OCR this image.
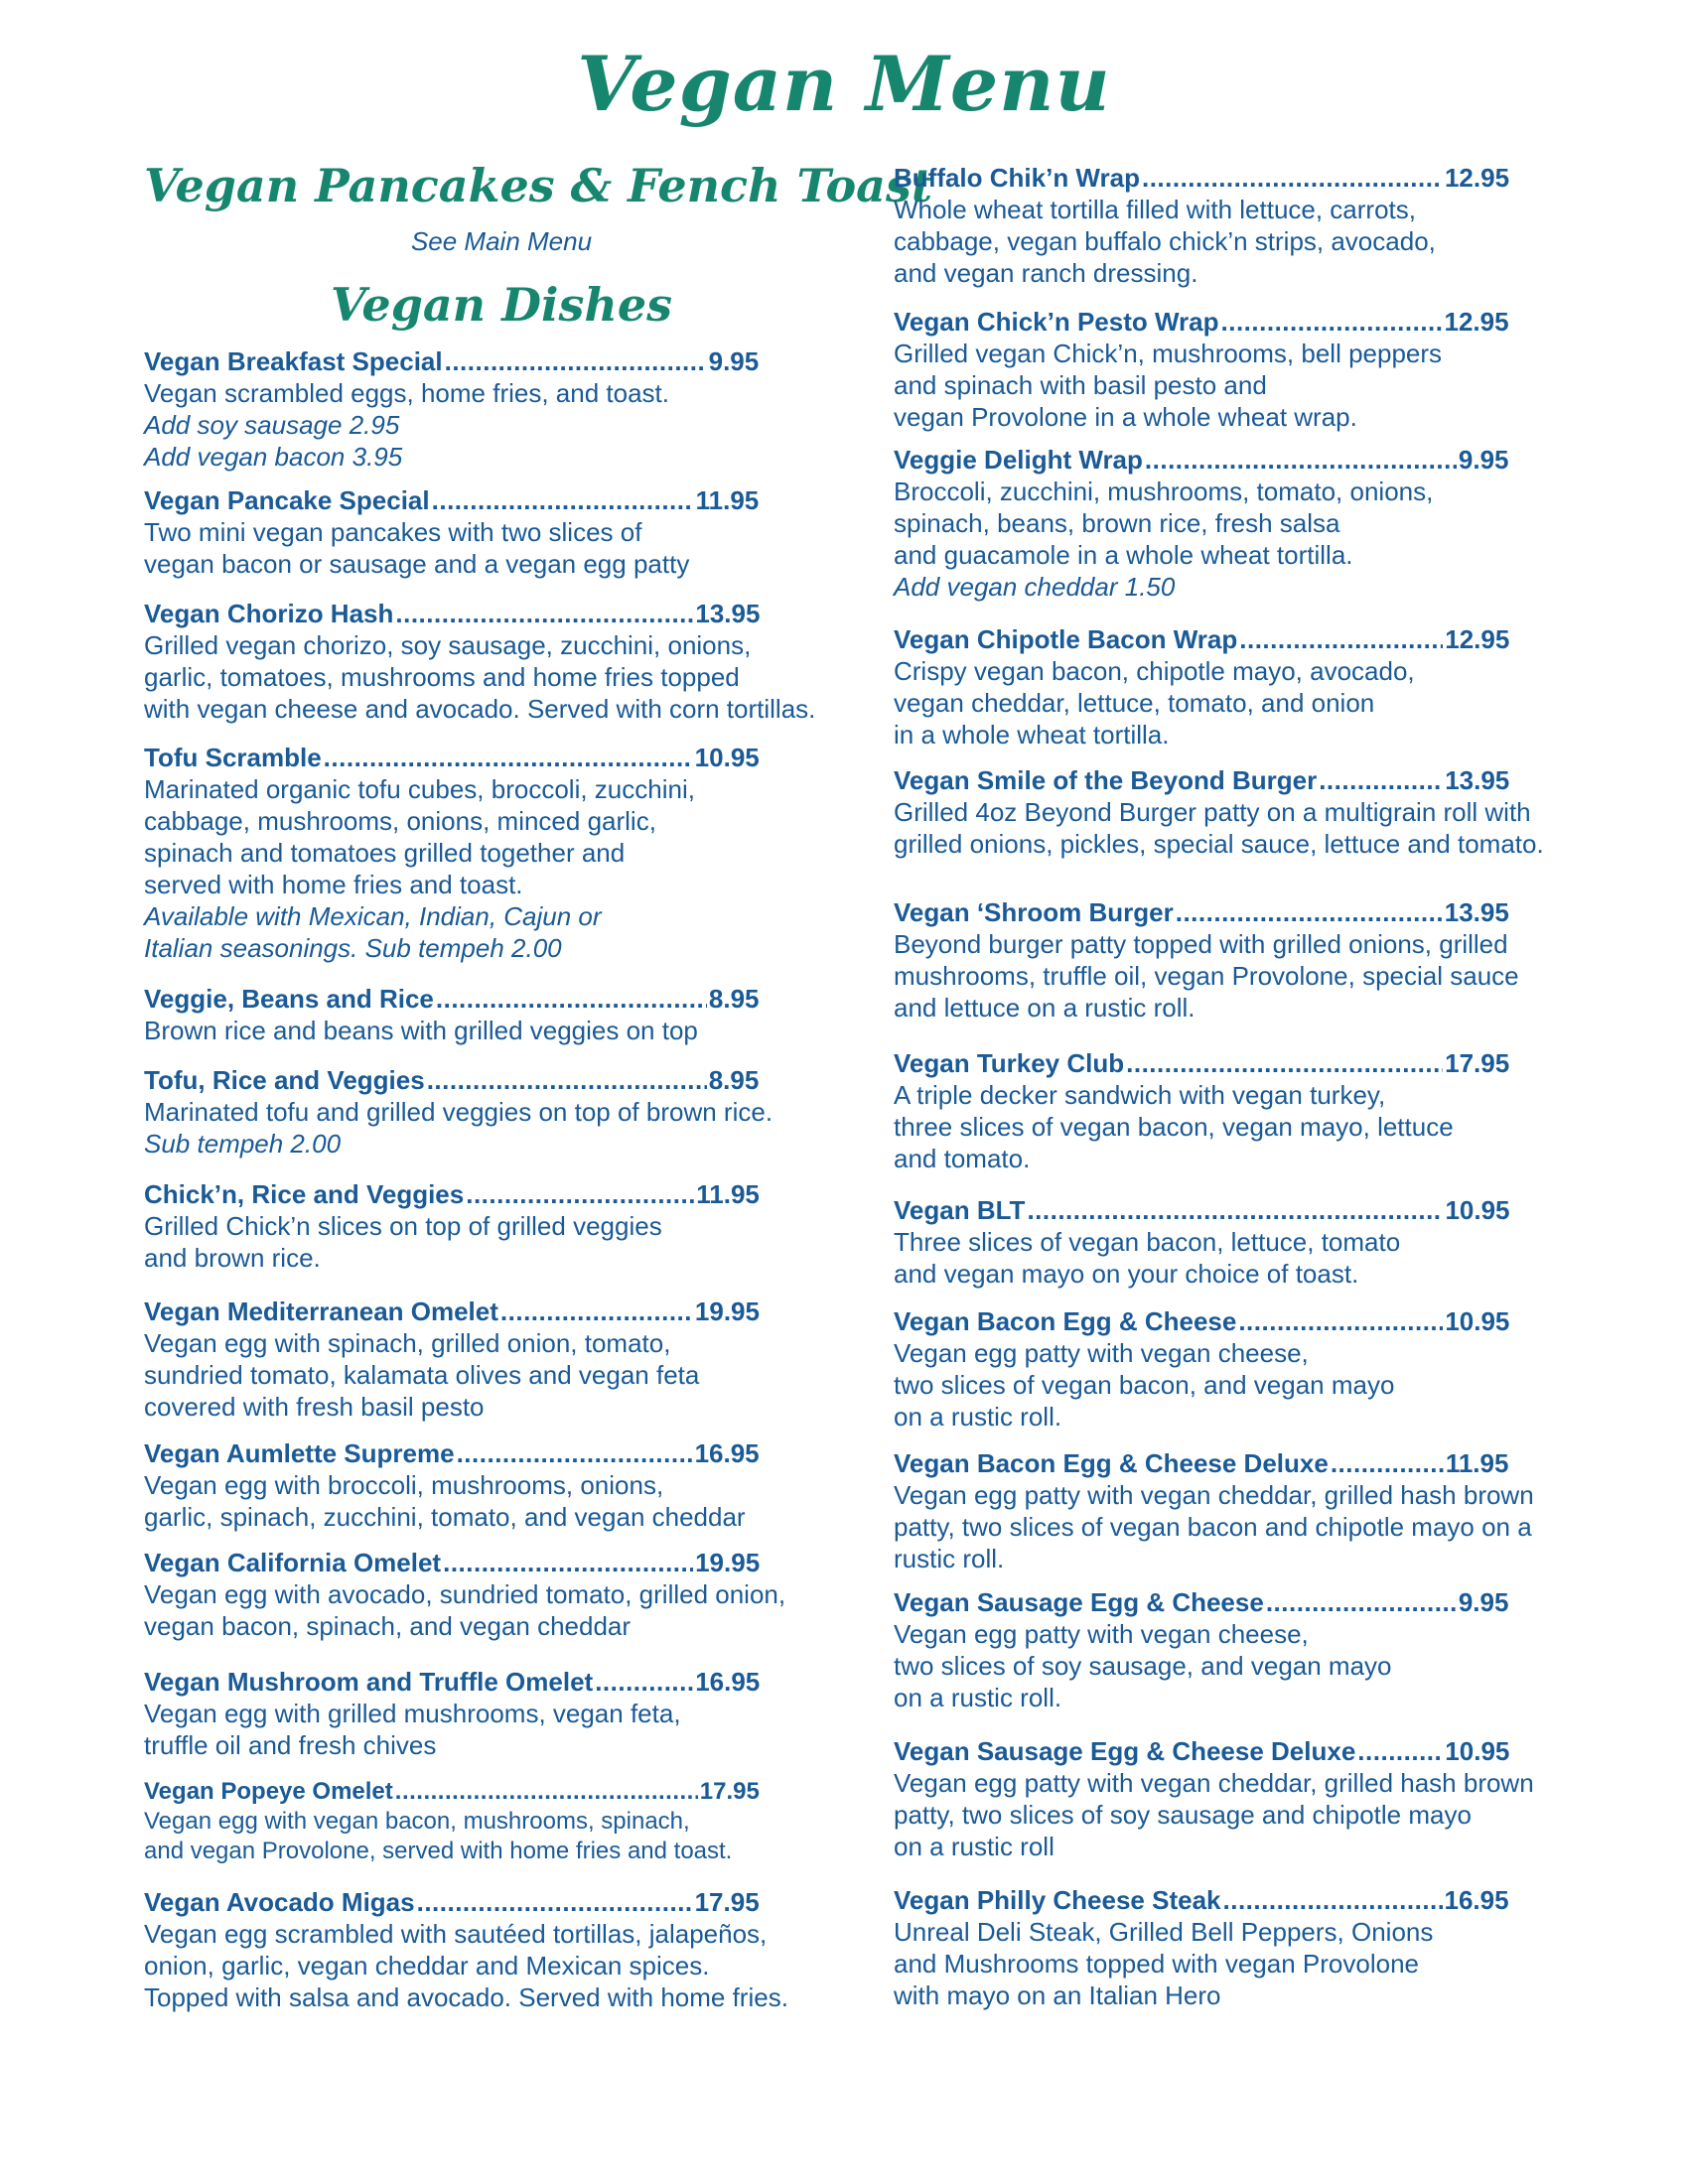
Vegan Menu
Vegan Pancakes & Fench Toast
See Main Menu
Vegan Dishes
Vegan Breakfast Special .....	9.95
Vegan scrambled eggs, home fries, and toast.
Add soy sausage 2.95
Add vegan bacon 3.95
Vegan Pancake Special .....	11.95
Two mini vegan pancakes with two slices of
vegan bacon or sausage and a vegan egg patty
Vegan Chorizo Hash .....	13.95
Grilled vegan chorizo, soy sausage, zucchini, onions,
garlic, tomatoes, mushrooms and home fries topped
with vegan cheese and avocado. Served with corn tortillas.
Tofu Scramble .....	10.95
Marinated organic tofu cubes, broccoli, zucchini,
cabbage, mushrooms, onions, minced garlic,
spinach and tomatoes grilled together and
served with home fries and toast.
Available with Mexican, Indian, Cajun or
Italian seasonings. Sub tempeh 2.00
Veggie, Beans and Rice .....	8.95
Brown rice and beans with grilled veggies on top
Tofu, Rice and Veggies .....	8.95
Marinated tofu and grilled veggies on top of brown rice.
Sub tempeh 2.00
Chick’n, Rice and Veggies .....	11.95
Grilled Chick’n slices on top of grilled veggies
and brown rice.
Vegan Mediterranean Omelet .....	19.95
Vegan egg with spinach, grilled onion, tomato,
sundried tomato, kalamata olives and vegan feta
covered with fresh basil pesto
Vegan Aumlette Supreme .....	16.95
Vegan egg with broccoli, mushrooms, onions,
garlic, spinach, zucchini, tomato, and vegan cheddar
Vegan California Omelet .....	19.95
Vegan egg with avocado, sundried tomato, grilled onion,
vegan bacon, spinach, and vegan cheddar
Vegan Mushroom and Truffle Omelet .....	16.95
Vegan egg with grilled mushrooms, vegan feta,
truffle oil and fresh chives
Vegan Popeye Omelet .....	17.95
Vegan egg with vegan bacon, mushrooms, spinach,
and vegan Provolone, served with home fries and toast.
Vegan Avocado Migas .....	17.95
Vegan egg scrambled with sautéed tortillas, jalapeños,
onion, garlic, vegan cheddar and Mexican spices.
Topped with salsa and avocado. Served with home fries.
Buffalo Chik’n Wrap .....	12.95
Whole wheat tortilla filled with lettuce, carrots,
cabbage, vegan buffalo chick’n strips, avocado,
and vegan ranch dressing.
Vegan Chick’n Pesto Wrap .....	12.95
Grilled vegan Chick’n, mushrooms, bell peppers
and spinach with basil pesto and
vegan Provolone in a whole wheat wrap.
Veggie Delight Wrap .....	9.95
Broccoli, zucchini, mushrooms, tomato, onions,
spinach, beans, brown rice, fresh salsa
and guacamole in a whole wheat tortilla.
Add vegan cheddar 1.50
Vegan Chipotle Bacon Wrap .....	12.95
Crispy vegan bacon, chipotle mayo, avocado,
vegan cheddar, lettuce, tomato, and onion
in a whole wheat tortilla.
Vegan Smile of the Beyond Burger .....	13.95
Grilled 4oz Beyond Burger patty on a multigrain roll with
grilled onions, pickles, special sauce, lettuce and tomato.
Vegan ‘Shroom Burger .....	13.95
Beyond burger patty topped with grilled onions, grilled
mushrooms, truffle oil, vegan Provolone, special sauce
and lettuce on a rustic roll.
Vegan Turkey Club .....	17.95
A triple decker sandwich with vegan turkey,
three slices of vegan bacon, vegan mayo, lettuce
and tomato.
Vegan BLT .....	10.95
Three slices of vegan bacon, lettuce, tomato
and vegan mayo on your choice of toast.
Vegan Bacon Egg & Cheese .....	10.95
Vegan egg patty with vegan cheese,
two slices of vegan bacon, and vegan mayo
on a rustic roll.
Vegan Bacon Egg & Cheese Deluxe .....	11.95
Vegan egg patty with vegan cheddar, grilled hash brown
patty, two slices of vegan bacon and chipotle mayo on a
rustic roll.
Vegan Sausage Egg & Cheese .....	9.95
Vegan egg patty with vegan cheese,
two slices of soy sausage, and vegan mayo
on a rustic roll.
Vegan Sausage Egg & Cheese Deluxe .....	10.95
Vegan egg patty with vegan cheddar, grilled hash brown
patty, two slices of soy sausage and chipotle mayo
on a rustic roll
Vegan Philly Cheese Steak .....	16.95
Unreal Deli Steak, Grilled Bell Peppers, Onions
and Mushrooms topped with vegan Provolone
with mayo on an Italian Hero
